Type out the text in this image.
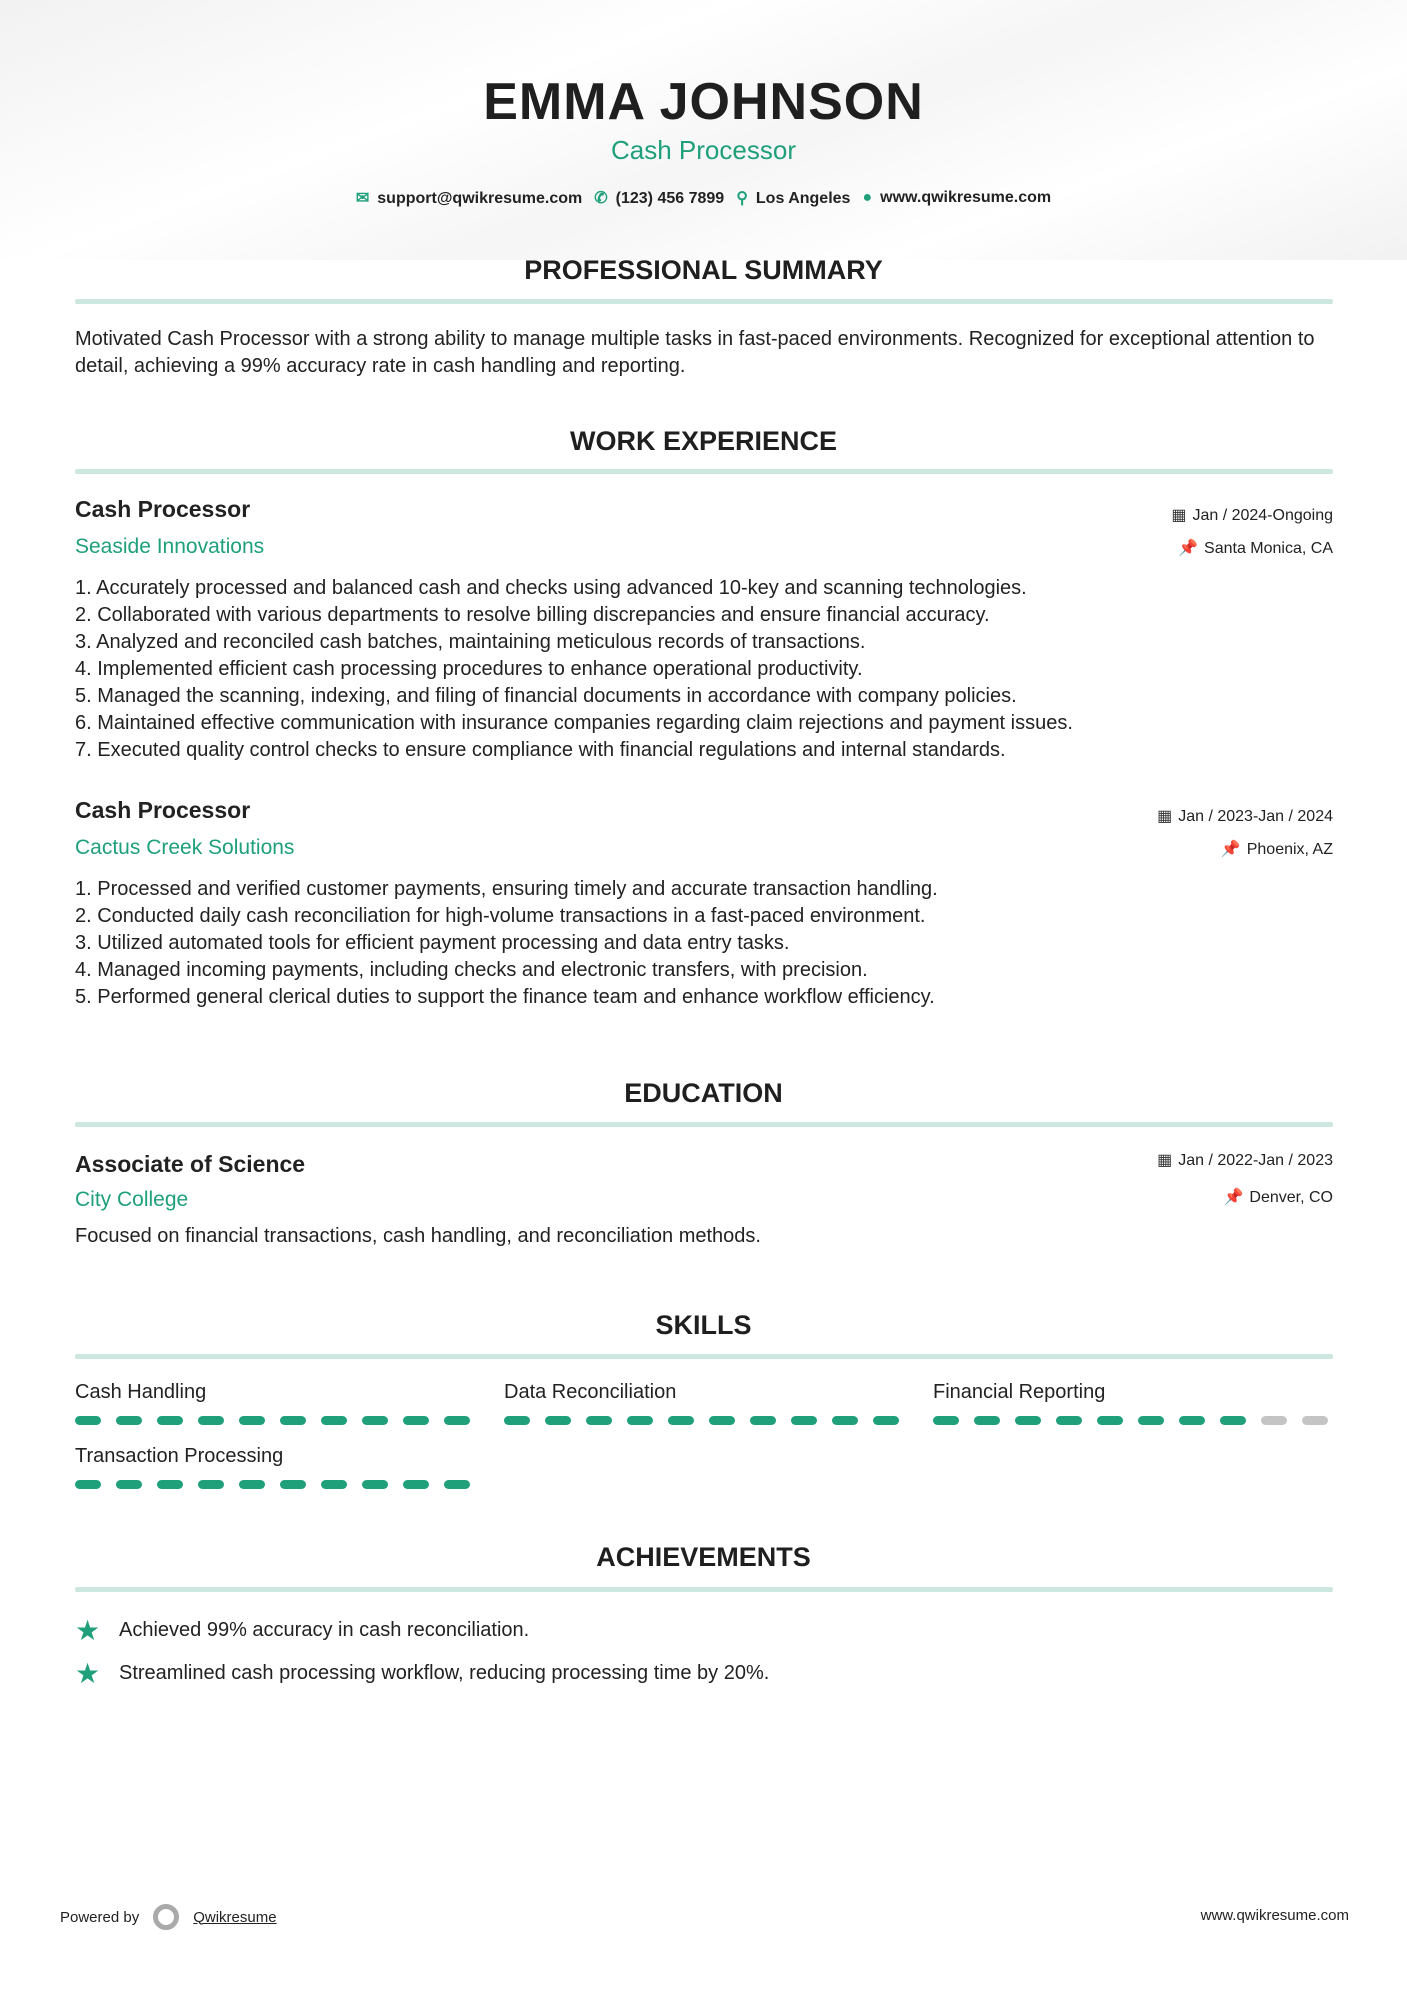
EMMA JOHNSON
Cash Processor
✉ support@qwikresume.com ✆ (123) 456 7899 ⚲ Los Angeles ● www.qwikresume.com
PROFESSIONAL SUMMARY
Motivated Cash Processor with a strong ability to manage multiple tasks in fast-paced environments. Recognized for exceptional attention to detail, achieving a 99% accuracy rate in cash handling and reporting.
WORK EXPERIENCE
Cash Processor
Seaside Innovations
▦ Jan / 2024-Ongoing
📌 Santa Monica, CA
1. Accurately processed and balanced cash and checks using advanced 10-key and scanning technologies.
2. Collaborated with various departments to resolve billing discrepancies and ensure financial accuracy.
3. Analyzed and reconciled cash batches, maintaining meticulous records of transactions.
4. Implemented efficient cash processing procedures to enhance operational productivity.
5. Managed the scanning, indexing, and filing of financial documents in accordance with company policies.
6. Maintained effective communication with insurance companies regarding claim rejections and payment issues.
7. Executed quality control checks to ensure compliance with financial regulations and internal standards.
Cash Processor
Cactus Creek Solutions
▦ Jan / 2023-Jan / 2024
📌 Phoenix, AZ
1. Processed and verified customer payments, ensuring timely and accurate transaction handling.
2. Conducted daily cash reconciliation for high-volume transactions in a fast-paced environment.
3. Utilized automated tools for efficient payment processing and data entry tasks.
4. Managed incoming payments, including checks and electronic transfers, with precision.
5. Performed general clerical duties to support the finance team and enhance workflow efficiency.
EDUCATION
Associate of Science
City College
▦ Jan / 2022-Jan / 2023
📌 Denver, CO
Focused on financial transactions, cash handling, and reconciliation methods.
SKILLS
Cash Handling	Data Reconciliation	Financial Reporting
Transaction Processing
ACHIEVEMENTS
★ Achieved 99% accuracy in cash reconciliation.
★ Streamlined cash processing workflow, reducing processing time by 20%.
Powered by	Qwikresume	www.qwikresume.com
